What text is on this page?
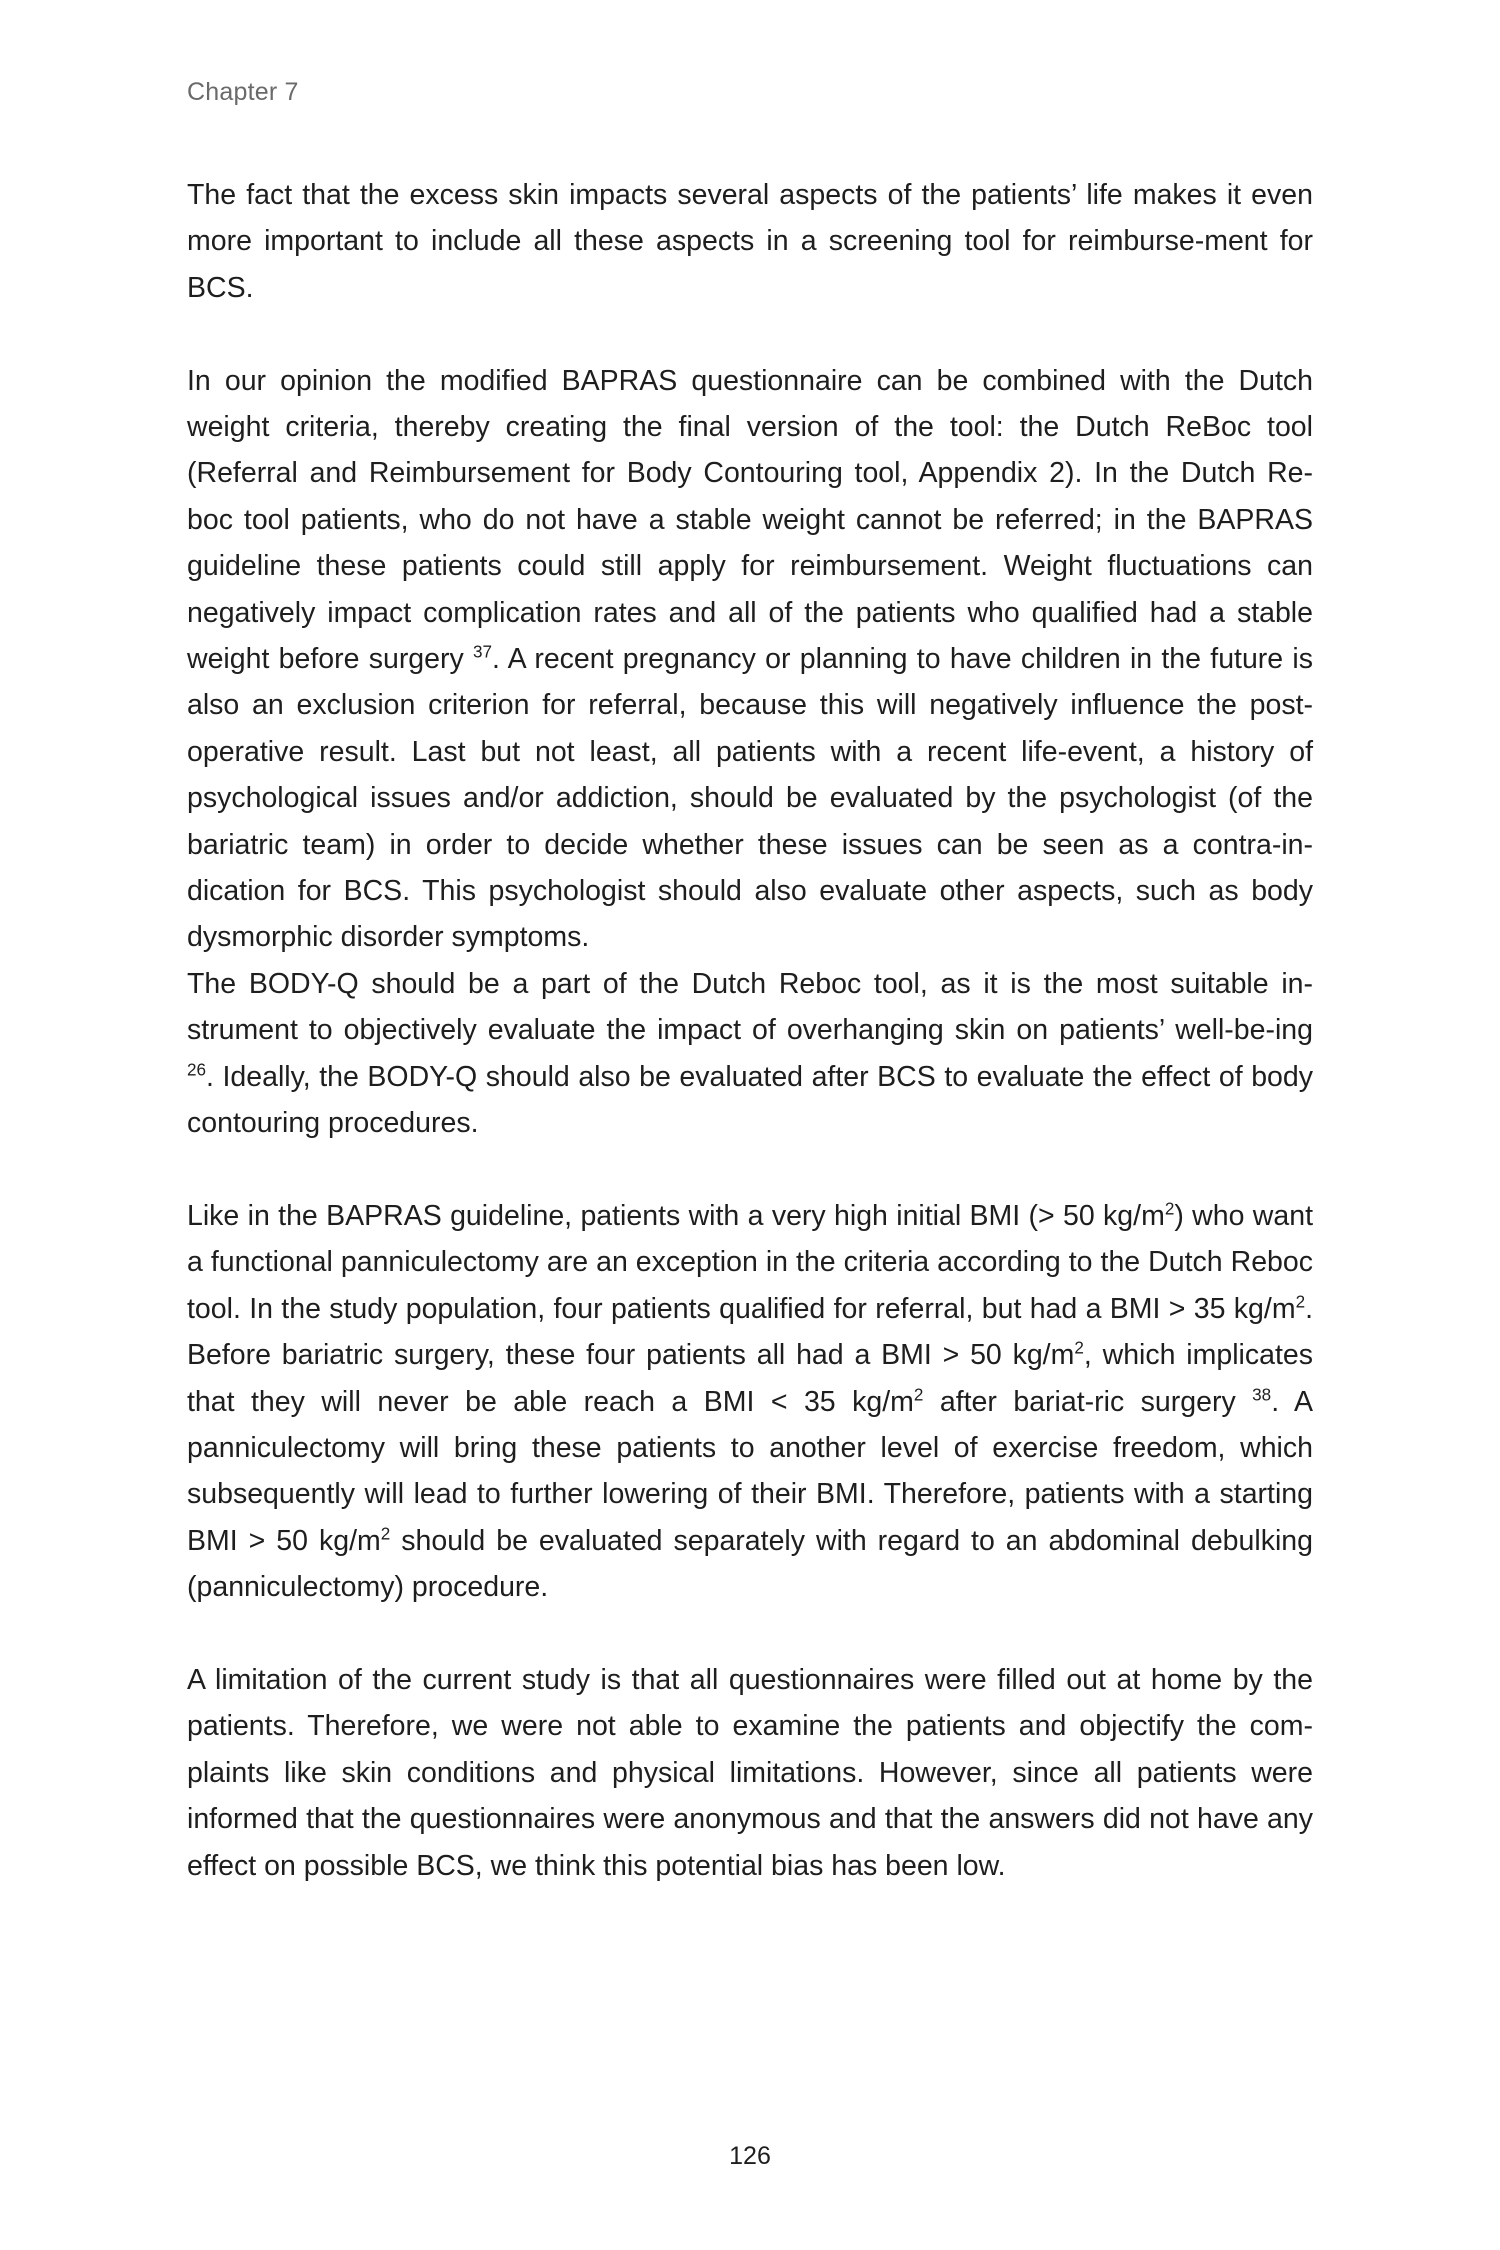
Chapter 7

The fact that the excess skin impacts several aspects of the patients’ life makes it even more important to include all these aspects in a screening tool for reimburse-ment for BCS.

In our opinion the modified BAPRAS questionnaire can be combined with the Dutch weight criteria, thereby creating the final version of the tool: the Dutch ReBoc tool (Referral and Reimbursement for Body Contouring tool, Appendix 2). In the Dutch Re-boc tool patients, who do not have a stable weight cannot be referred; in the BAPRAS guideline these patients could still apply for reimbursement. Weight fluctuations can negatively impact complication rates and all of the patients who qualified had a stable weight before surgery $^{37}$. A recent pregnancy or planning to have children in the future is also an exclusion criterion for referral, because this will negatively influence the post-operative result. Last but not least, all patients with a recent life-event, a history of psychological issues and/or addiction, should be evaluated by the psychologist (of the bariatric team) in order to decide whether these issues can be seen as a contra-in-dication for BCS. This psychologist should also evaluate other aspects, such as body dysmorphic disorder symptoms.

The BODY-Q should be a part of the Dutch Reboc tool, as it is the most suitable in-strument to objectively evaluate the impact of overhanging skin on patients’ well-be-ing $^{26}$. Ideally, the BODY-Q should also be evaluated after BCS to evaluate the effect of body contouring procedures.

Like in the BAPRAS guideline, patients with a very high initial BMI (> 50 $kg/m^2$) who want a functional panniculectomy are an exception in the criteria according to the Dutch Reboc tool. In the study population, four patients qualified for referral, but had a BMI > 35 $kg/m^2$. Before bariatric surgery, these four patients all had a BMI > 50 $kg/m^2$, which implicates that they will never be able reach a BMI < 35 $kg/m^2$ after bariat-ric surgery $^{38}$. A panniculectomy will bring these patients to another level of exercise freedom, which subsequently will lead to further lowering of their BMI. Therefore, patients with a starting BMI > 50 $kg/m^2$ should be evaluated separately with regard to an abdominal debulking (panniculectomy) procedure.

A limitation of the current study is that all questionnaires were filled out at home by the patients. Therefore, we were not able to examine the patients and objectify the com-plaints like skin conditions and physical limitations. However, since all patients were informed that the questionnaires were anonymous and that the answers did not have any effect on possible BCS, we think this potential bias has been low.

126
